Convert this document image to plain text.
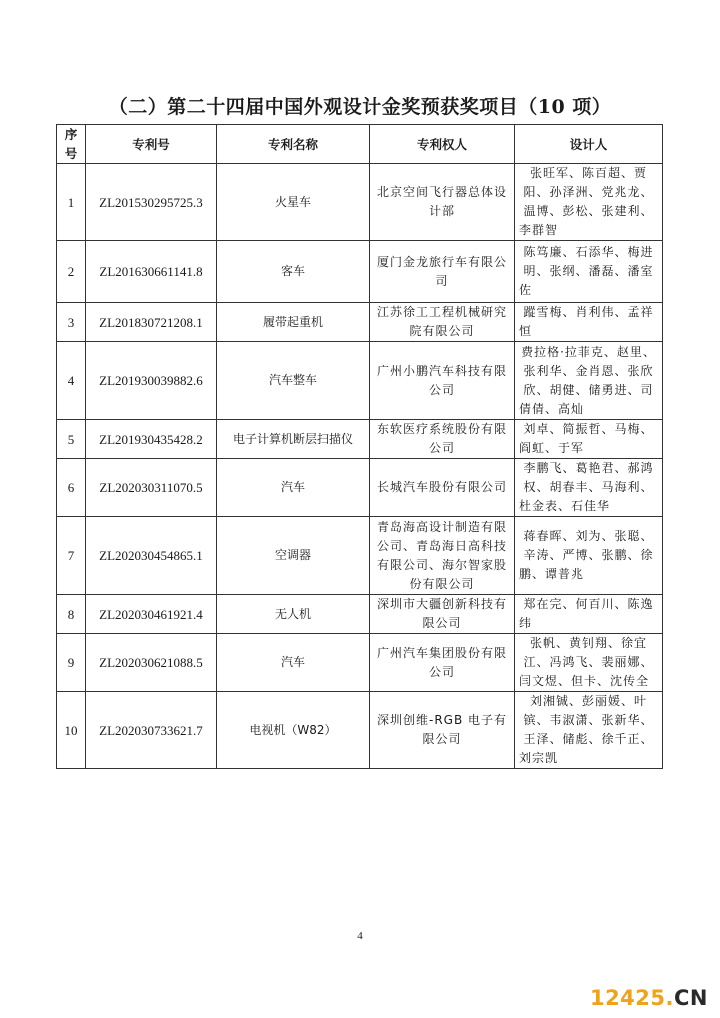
（二）第二十四届中国外观设计金奖预获奖项目（10 项）
序号	专利号	专利名称	专利权人	设计人
1	ZL201530295725.3	火星车	北京空间飞行器总体设计部	张旺军、陈百超、贾阳、孙泽洲、党兆龙、温博、彭松、张建利、李群智
2	ZL201630661141.8	客车	厦门金龙旅行车有限公司	陈笃廉、石添华、梅进明、张纲、潘磊、潘室佐
3	ZL201830721208.1	履带起重机	江苏徐工工程机械研究院有限公司	蹤雪梅、肖利伟、孟祥恒
4	ZL201930039882.6	汽车整车	广州小鹏汽车科技有限公司	费拉格·拉菲克、赵里、张利华、金肖恩、张欣欣、胡健、储勇进、司倩倩、高灿
5	ZL201930435428.2	电子计算机断层扫描仪	东软医疗系统股份有限公司	刘卓、简振哲、马梅、阎虹、于军
6	ZL202030311070.5	汽车	长城汽车股份有限公司	李鹏飞、葛艳君、郝鸿权、胡春丰、马海利、杜金表、石佳华
7	ZL202030454865.1	空调器	青岛海高设计制造有限公司、青岛海日高科技有限公司、海尔智家股份有限公司	蒋春晖、刘为、张聪、辛涛、严博、张鹏、徐鹏、谭普兆
8	ZL202030461921.4	无人机	深圳市大疆创新科技有限公司	郑在完、何百川、陈逸纬
9	ZL202030621088.5	汽车	广州汽车集团股份有限公司	张帆、黄钊翔、徐宜江、冯鸿飞、裴丽娜、闫文煜、但卡、沈传全
10	ZL202030733621.7	电视机（W82）	深圳创维-RGB 电子有限公司	刘湘铖、彭丽媛、叶镔、韦淑潇、张新华、王泽、储彪、徐千正、刘宗凯
4
12425.CN
